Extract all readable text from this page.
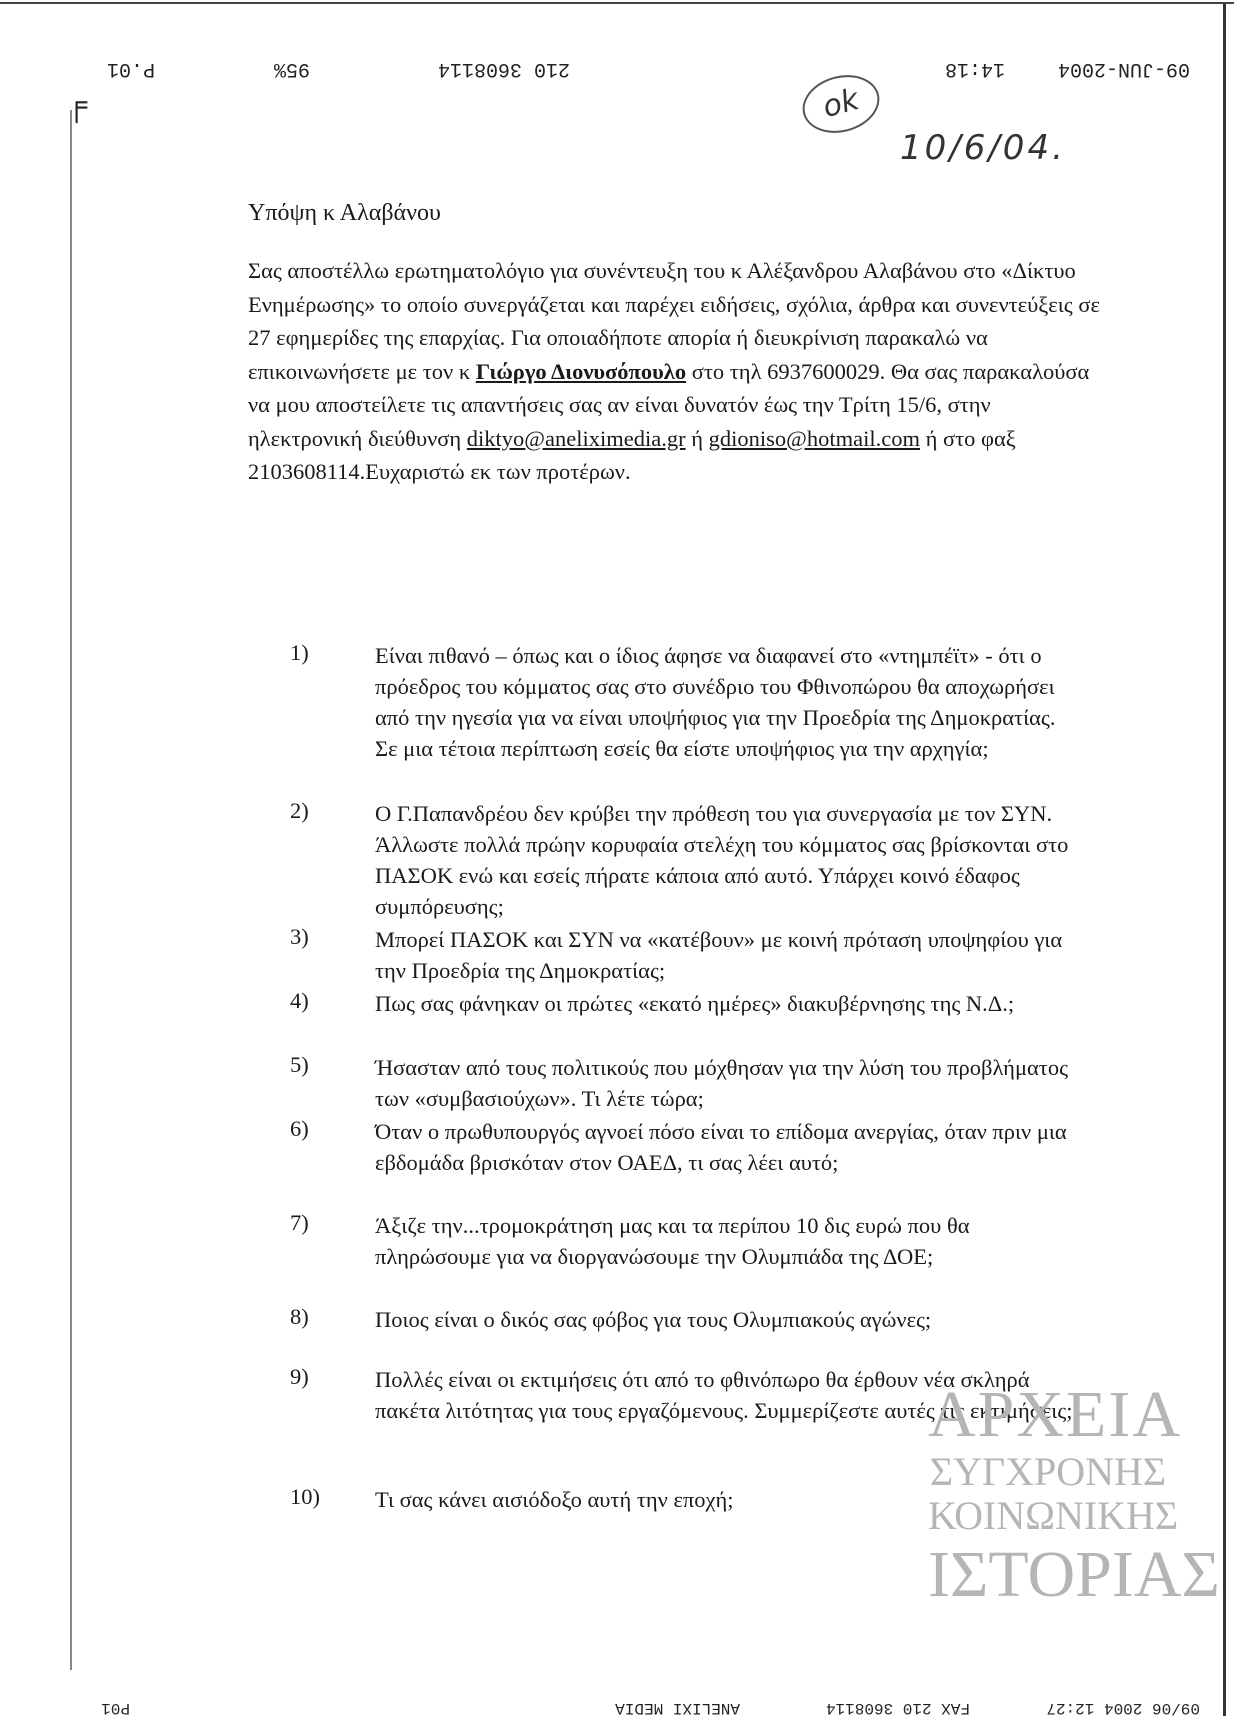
╒
09-JUN-2004
14:18
210 3608114
95%
P.01
ok
10/6/04.
Υπόψη κ Αλαβάνου

Σας αποστέλλω ερωτηματολόγιο για συνέντευξη του κ Αλέξανδρου Αλαβάνου στο «Δίκτυο Ενημέρωσης» το οποίο συνεργάζεται και παρέχει ειδήσεις, σχόλια, άρθρα και συνεντεύξεις σε 27 εφημερίδες της επαρχίας. Για οποιαδήποτε απορία ή διευκρίνιση παρακαλώ να επικοινωνήσετε με τον κ Γιώργο Διονυσόπουλο στο τηλ 6937600029. Θα σας παρακαλούσα να μου αποστείλετε τις απαντήσεις σας αν είναι δυνατόν έως την Τρίτη 15/6, στην ηλεκτρονική διεύθυνση diktyo@aneliximedia.gr ή gdioniso@hotmail.com ή στο φαξ 2103608114.Ευχαριστώ εκ των προτέρων.

1)	Είναι πιθανό – όπως και ο ίδιος άφησε να διαφανεί στο «ντημπέϊτ» - ότι ο πρόεδρος του κόμματος σας στο συνέδριο του Φθινοπώρου θα αποχωρήσει από την ηγεσία για να είναι υποψήφιος για την Προεδρία της Δημοκρατίας. Σε μια τέτοια περίπτωση εσείς θα είστε υποψήφιος για την αρχηγία;
2)	Ο Γ.Παπανδρέου δεν κρύβει την πρόθεση του για συνεργασία με τον ΣΥΝ. Άλλωστε πολλά πρώην κορυφαία στελέχη του κόμματος σας βρίσκονται στο ΠΑΣΟΚ ενώ και εσείς πήρατε κάποια από αυτό. Υπάρχει κοινό έδαφος συμπόρευσης;
3)	Μπορεί ΠΑΣΟΚ και ΣΥΝ να «κατέβουν» με κοινή πρόταση υποψηφίου για την Προεδρία της Δημοκρατίας;
4)	Πως σας φάνηκαν οι πρώτες «εκατό ημέρες» διακυβέρνησης της Ν.Δ.;
5)	Ήσασταν από τους πολιτικούς που μόχθησαν για την λύση του προβλήματος των «συμβασιούχων». Τι λέτε τώρα;
6)	Όταν ο πρωθυπουργός αγνοεί πόσο είναι το επίδομα ανεργίας, όταν πριν μια εβδομάδα βρισκόταν στον ΟΑΕΔ, τι σας λέει αυτό;
7)	Άξιζε την...τρομοκράτηση μας και τα περίπου 10 δις ευρώ που θα πληρώσουμε για να διοργανώσουμε την Ολυμπιάδα της ΔΟΕ;
8)	Ποιος είναι ο δικός σας φόβος για τους Ολυμπιακούς αγώνες;
9)	Πολλές είναι οι εκτιμήσεις ότι από το φθινόπωρο θα έρθουν νέα σκληρά πακέτα λιτότητας για τους εργαζόμενους. Συμμερίζεστε αυτές τις εκτιμήσεις;
10) Τι σας κάνει αισιόδοξο αυτή την εποχή;
ΑΡΧΕΙΑ
ΣΥΓΧΡΟΝΗΣ
ΚΟΙΝΩΝΙΚΗΣ
ΙΣΤΟΡΙΑΣ
09/06 2004 12:27
FAX 210 3608114
ANELIXI MEDIA
P01
